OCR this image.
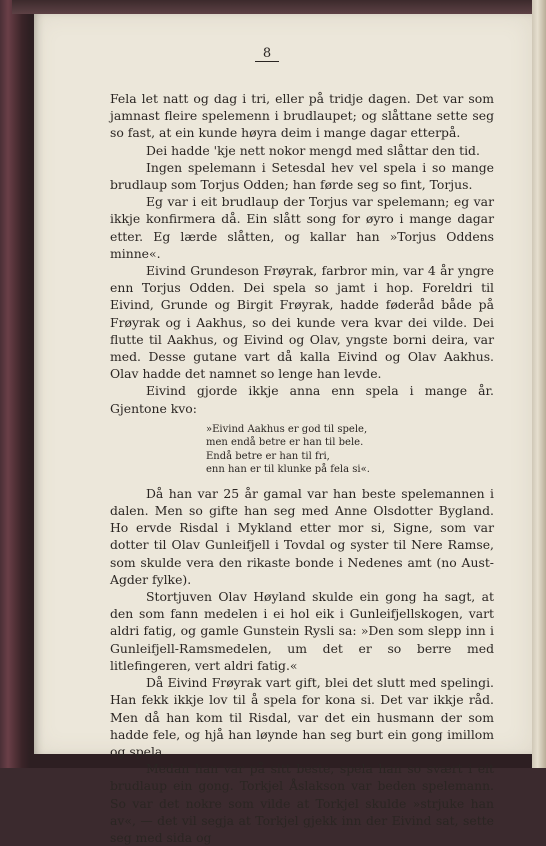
8

Fela let natt og dag i tri, eller på tridje dagen. Det var som jamnast fleire spelemenn i brudlaupet; og slåttane sette seg so fast, at ein kunde høyra deim i mange dagar etterpå.

Dei hadde 'kje nett nokor mengd med slåttar den tid.

Ingen spelemann i Setesdal hev vel spela i so mange brudlaup som Torjus Odden; han førde seg so fint, Torjus.

Eg var i eit brudlaup der Torjus var spelemann; eg var ikkje konfirmera då. Ein slått song for øyro i mange dagar etter. Eg lærde slåtten, og kallar han »Torjus Oddens minne«.

Eivind Grundeson Frøyrak, farbror min, var 4 år yngre enn Torjus Odden. Dei spela so jamt i hop. Foreldri til Eivind, Grunde og Birgit Frøyrak, hadde føderåd både på Frøyrak og i Aakhus, so dei kunde vera kvar dei vilde. Dei flutte til Aakhus, og Eivind og Olav, yngste borni deira, var med. Desse gutane vart då kalla Eivind og Olav Aakhus. Olav hadde det namnet so lenge han levde.

Eivind gjorde ikkje anna enn spela i mange år. Gjentone kvo:

»Eivind Aakhus er god til spele,
men endå betre er han til bele.
Endå betre er han til fri,
enn han er til klunke på fela si«.

Då han var 25 år gamal var han beste spelemannen i dalen. Men so gifte han seg med Anne Olsdotter Bygland. Ho ervde Risdal i Mykland etter mor si, Signe, som var dotter til Olav Gunleifjell i Tovdal og syster til Nere Ramse, som skulde vera den rikaste bonde i Nedenes amt (no Aust-Agder fylke).

Stortjuven Olav Høyland skulde ein gong ha sagt, at den som fann medelen i ei hol eik i Gunleifjellskogen, vart aldri fatig, og gamle Gunstein Rysli sa: »Den som slepp inn i Gunleifjell-Ramsmedelen, um det er so berre med litlefingeren, vert aldri fatig.«

Då Eivind Frøyrak vart gift, blei det slutt med spelingi. Han fekk ikkje lov til å spela for kona si. Det var ikkje råd. Men då han kom til Risdal, var det ein husmann der som hadde fele, og hjå han løynde han seg burt ein gong imillom og spela.

Medan han var på sitt beste, spela han so svært i eit brudlaup ein gong. Torkjel Åslakson var beden spelemann. So var det nokre som vilde at Torkjel skulde »strjuke han av«, — det vil segja at Torkjel gjekk inn der Eivind sat, sette seg med sida og
